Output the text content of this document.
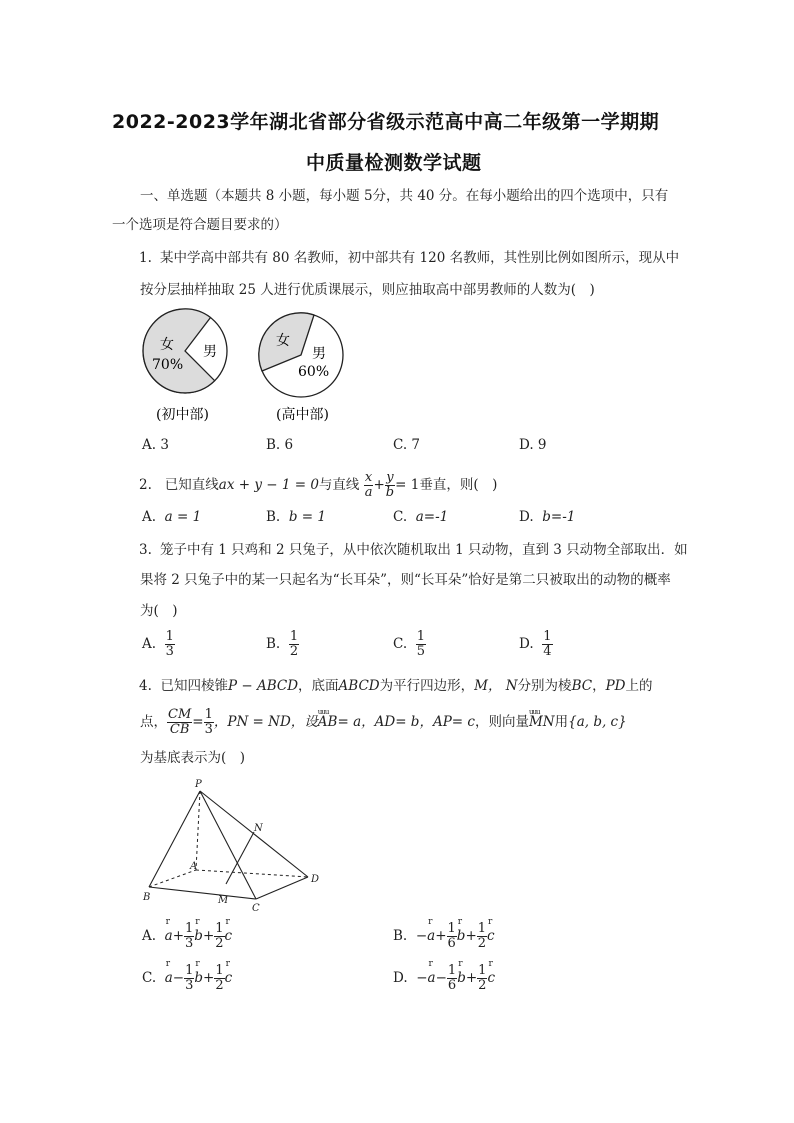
2022-2023学年湖北省部分省级示范高中高二年级第一学期期
中质量检测数学试题
一、单选题（本题共 8 小题，每小题 5分，共 40 分。在每小题给出的四个选项中，只有
一个选项是符合题目要求的）
1. 某中学高中部共有 80 名教师，初中部共有 120 名教师，其性别比例如图所示，现从中
按分层抽样抽取 25 人进行优质课展示，则应抽取高中部男教师的人数为(　)
女
70%
男
女
男
60%
(初中部)	(高中部)
A. 3	B. 6	C. 7	D. 9
2. 已知直线ax + y − 1 = 0与直线 $\frac{x}{a} + \frac{y}{b} = 1$垂直，则(　)
A. a = 1	B. b = 1	C. a=-1	D. b=-1
3. 笼子中有 1 只鸡和 2 只兔子，从中依次随机取出 1 只动物，直到 3 只动物全部取出．如
果将 2 只兔子中的某一只起名为“长耳朵”，则“长耳朵”恰好是第二只被取出的动物的概率
为(　)
A. $\frac{1}{3}$	B. $\frac{1}{2}$	C. $\frac{1}{5}$	D. $\frac{1}{4}$
4. 已知四棱锥P − ABCD，底面ABCD为平行四边形，M， N分别为棱BC，PD上的
点， $\frac{CM}{CB} = \frac{1}{3}$ ，PN = ND，设uuu AB= a，AD= b，AP= c，则向量uuu MN用{a, b, c}
为基底表示为(　)
P
N
A
D
B	M
C
A. r $a+ \frac{1}{3}$ r $b+ \frac{1}{2}$ r c	B. −r $a+ \frac{1}{6}$ r $b+ \frac{1}{2}$ r c
C. r $a- \frac{1}{3}$ r $b+ \frac{1}{2}$ r c	D. −r $a- \frac{1}{6}$ r $b+ \frac{1}{2}$ r c
